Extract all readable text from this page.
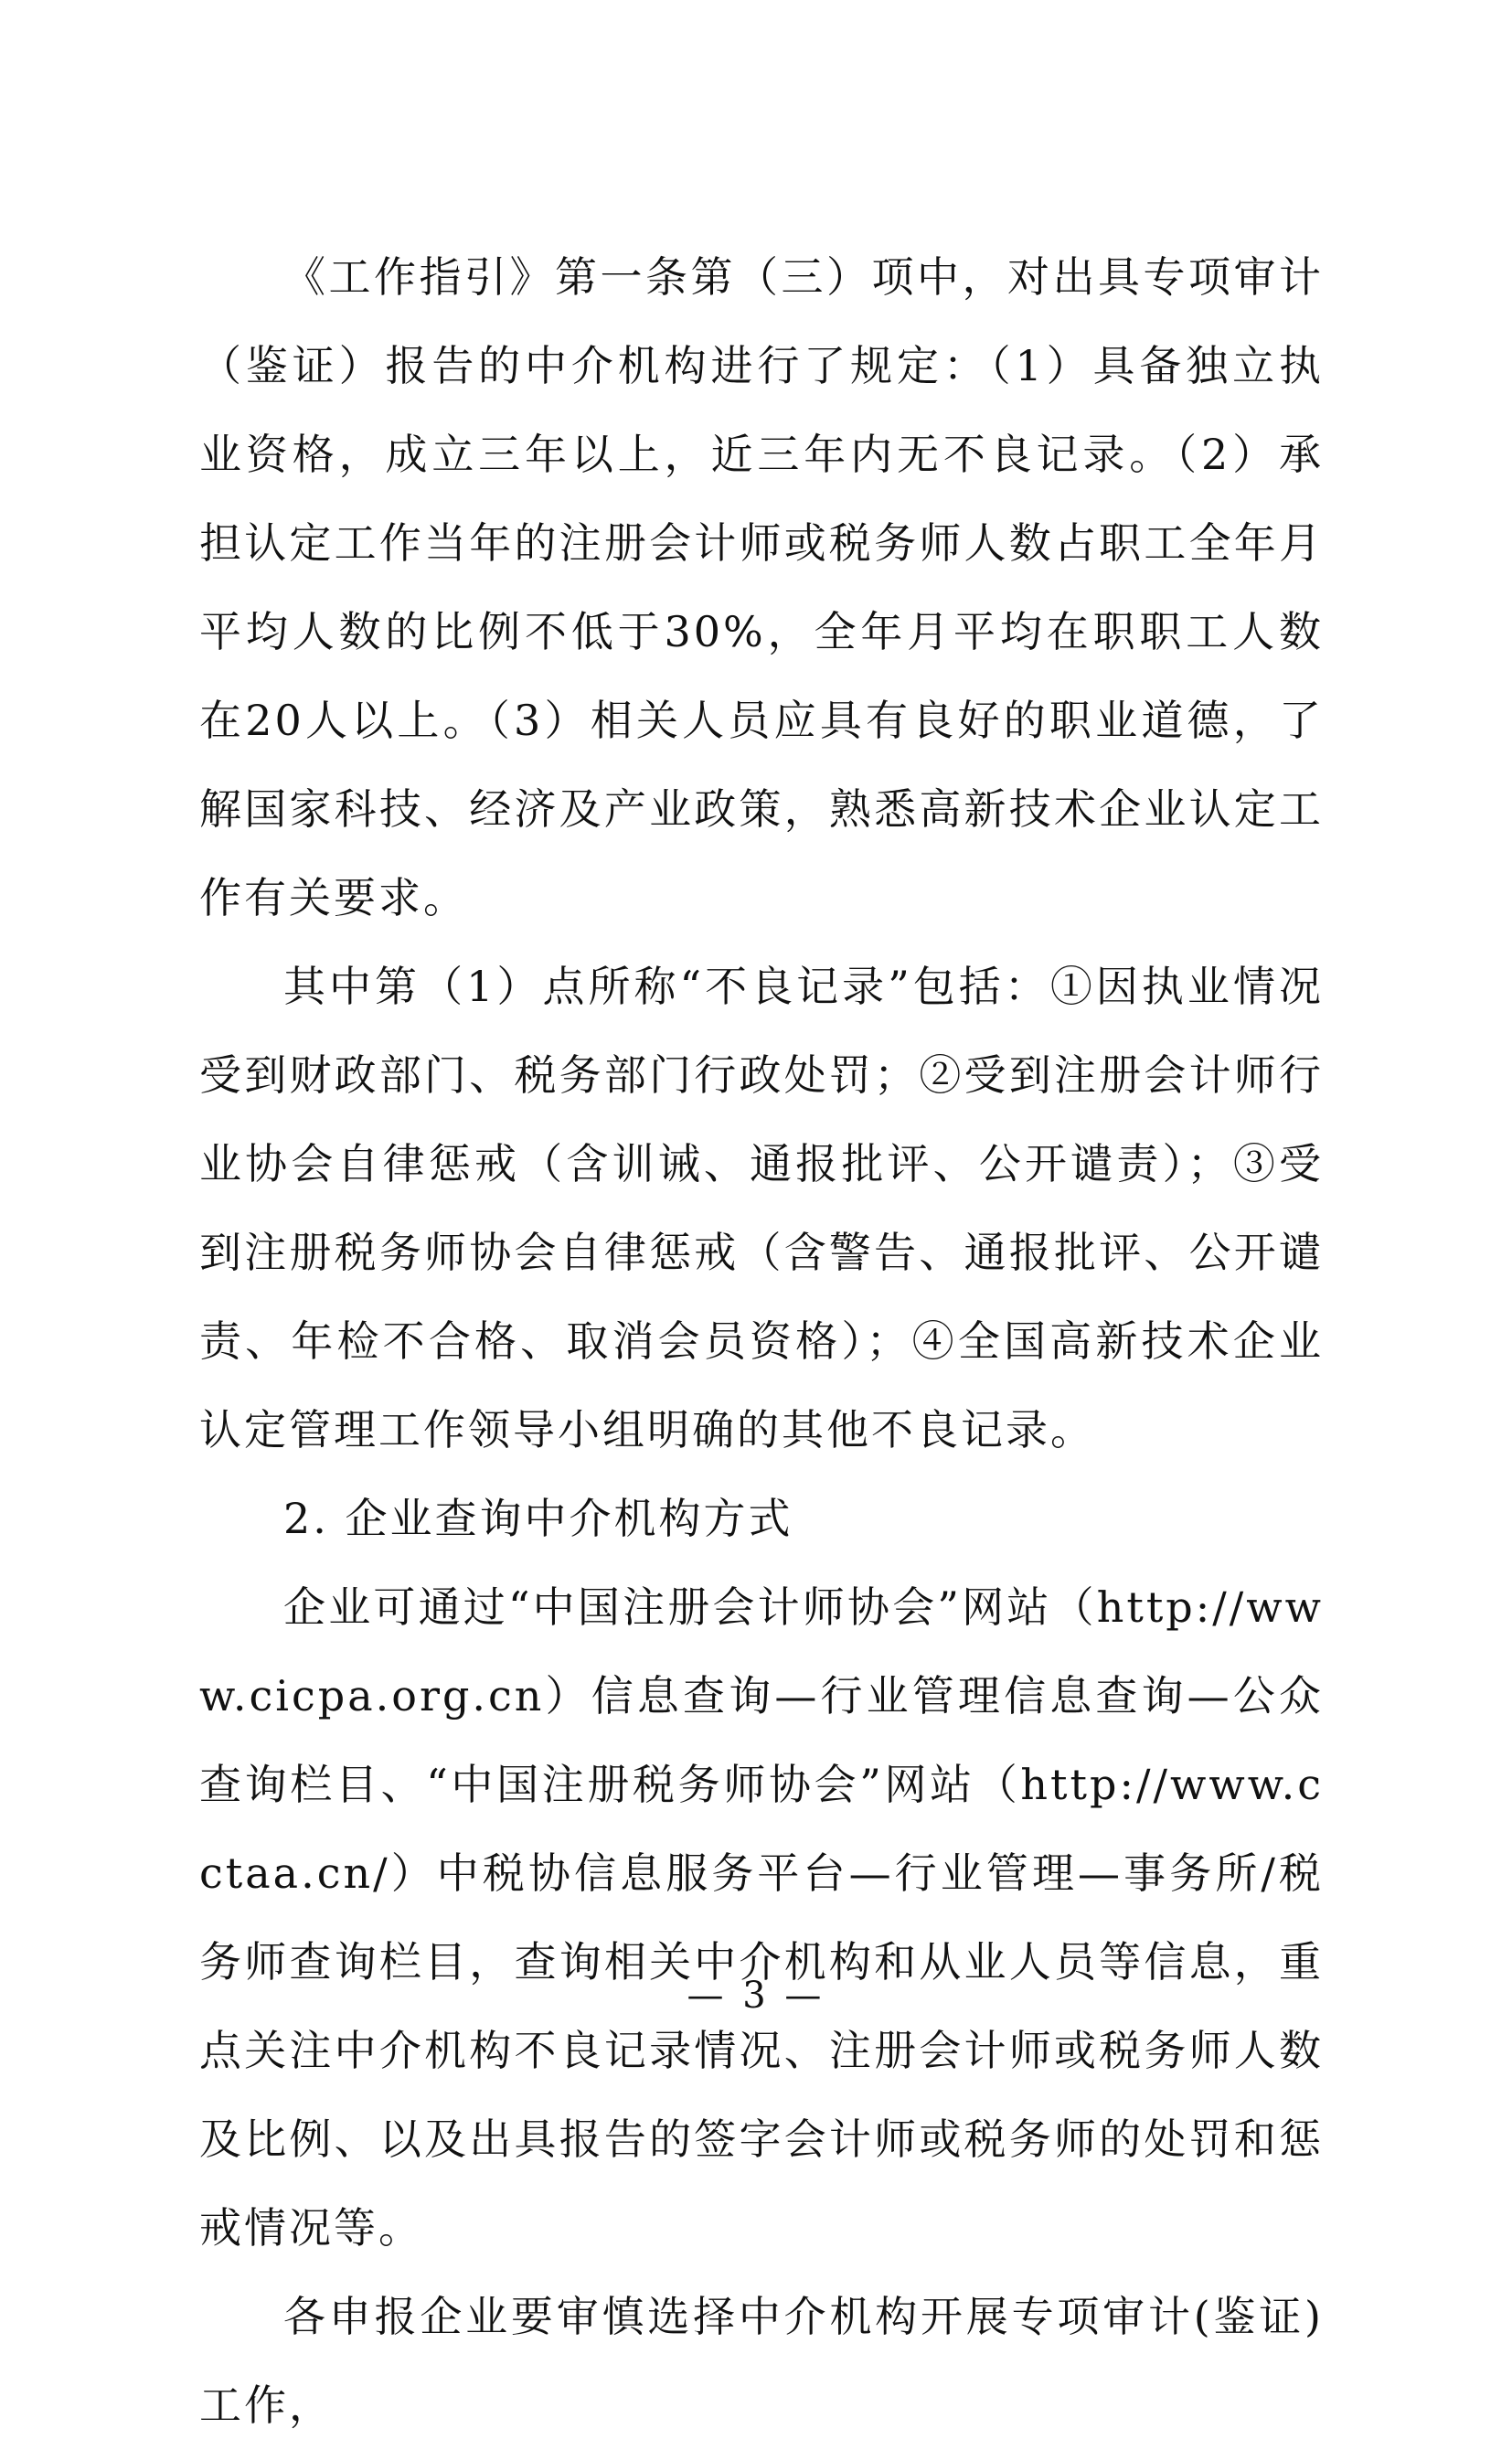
《工作指引》第一条第（三）项中，对出具专项审计（鉴证）报告的中介机构进行了规定：（1）具备独立执业资格，成立三年以上，近三年内无不良记录。（2）承担认定工作当年的注册会计师或税务师人数占职工全年月平均人数的比例不低于30%，全年月平均在职职工人数在20人以上。（3）相关人员应具有良好的职业道德，了解国家科技、经济及产业政策，熟悉高新技术企业认定工作有关要求。

其中第（1）点所称“不良记录”包括：①因执业情况受到财政部门、税务部门行政处罚；②受到注册会计师行业协会自律惩戒（含训诫、通报批评、公开谴责）；③受到注册税务师协会自律惩戒（含警告、通报批评、公开谴责、年检不合格、取消会员资格）；④全国高新技术企业认定管理工作领导小组明确的其他不良记录。

2. 企业查询中介机构方式

企业可通过“中国注册会计师协会”网站（http://www.cicpa.org.cn）信息查询—行业管理信息查询—公众查询栏目、“中国注册税务师协会”网站（http://www.cctaa.cn/）中税协信息服务平台—行业管理—事务所/税务师查询栏目，查询相关中介机构和从业人员等信息，重点关注中介机构不良记录情况、注册会计师或税务师人数及比例、以及出具报告的签字会计师或税务师的处罚和惩戒情况等。

各申报企业要审慎选择中介机构开展专项审计(鉴证)工作，

— 3 —
